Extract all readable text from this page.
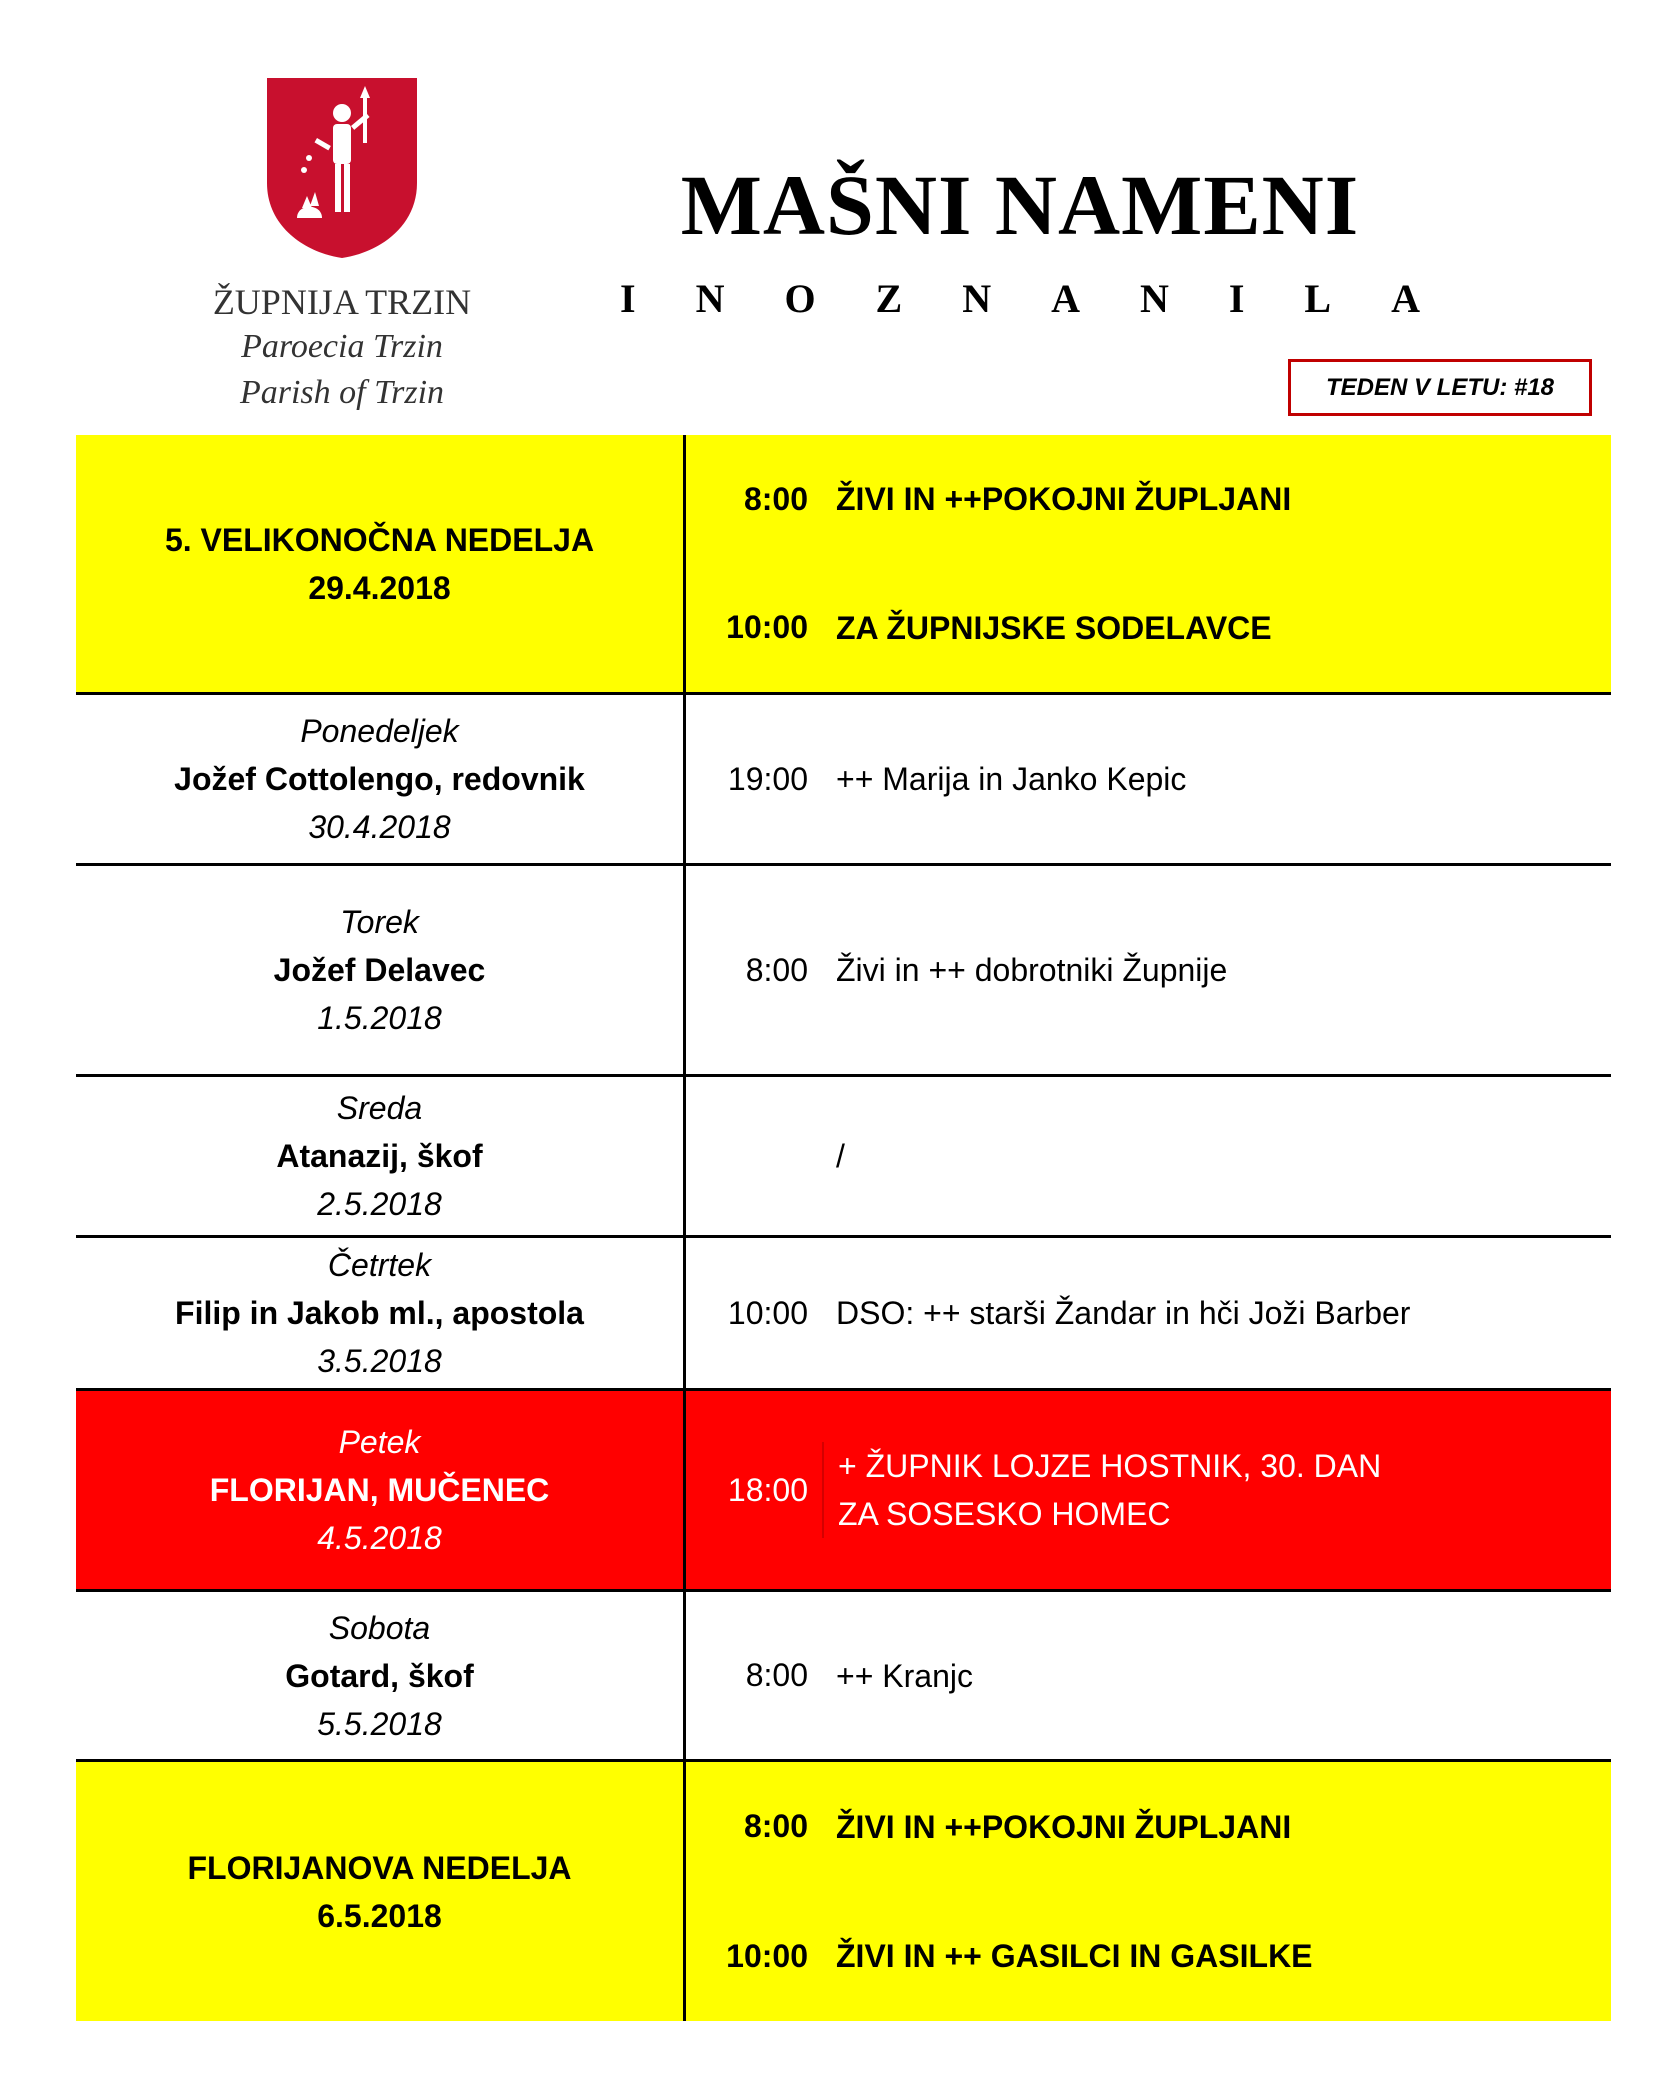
ŽUPNIJA TRZIN
Paroecia Trzin
Parish of Trzin
MAŠNI NAMENI
I N O Z N A N I L A
TEDEN V LETU: #18
5. VELIKONOČNA NEDELJA
29.4.2018
8:00 ŽIVI IN ++POKOJNI ŽUPLJANI
10:00 ZA ŽUPNIJSKE SODELAVCE
Ponedeljek
Jožef Cottolengo, redovnik
30.4.2018
19:00 ++ Marija in Janko Kepic
Torek
Jožef Delavec
1.5.2018
8:00 Živi in ++ dobrotniki Župnije
Sreda
Atanazij, škof
2.5.2018
/
Četrtek
Filip in Jakob ml., apostola
3.5.2018
10:00 DSO: ++ starši Žandar in hči Joži Barber
Petek
FLORIJAN, MUČENEC
4.5.2018
18:00
+ ŽUPNIK LOJZE HOSTNIK, 30. DAN
ZA SOSESKO HOMEC
Sobota
Gotard, škof
5.5.2018
8:00 ++ Kranjc
FLORIJANOVA NEDELJA
6.5.2018
8:00 ŽIVI IN ++POKOJNI ŽUPLJANI
10:00 ŽIVI IN ++ GASILCI IN GASILKE
